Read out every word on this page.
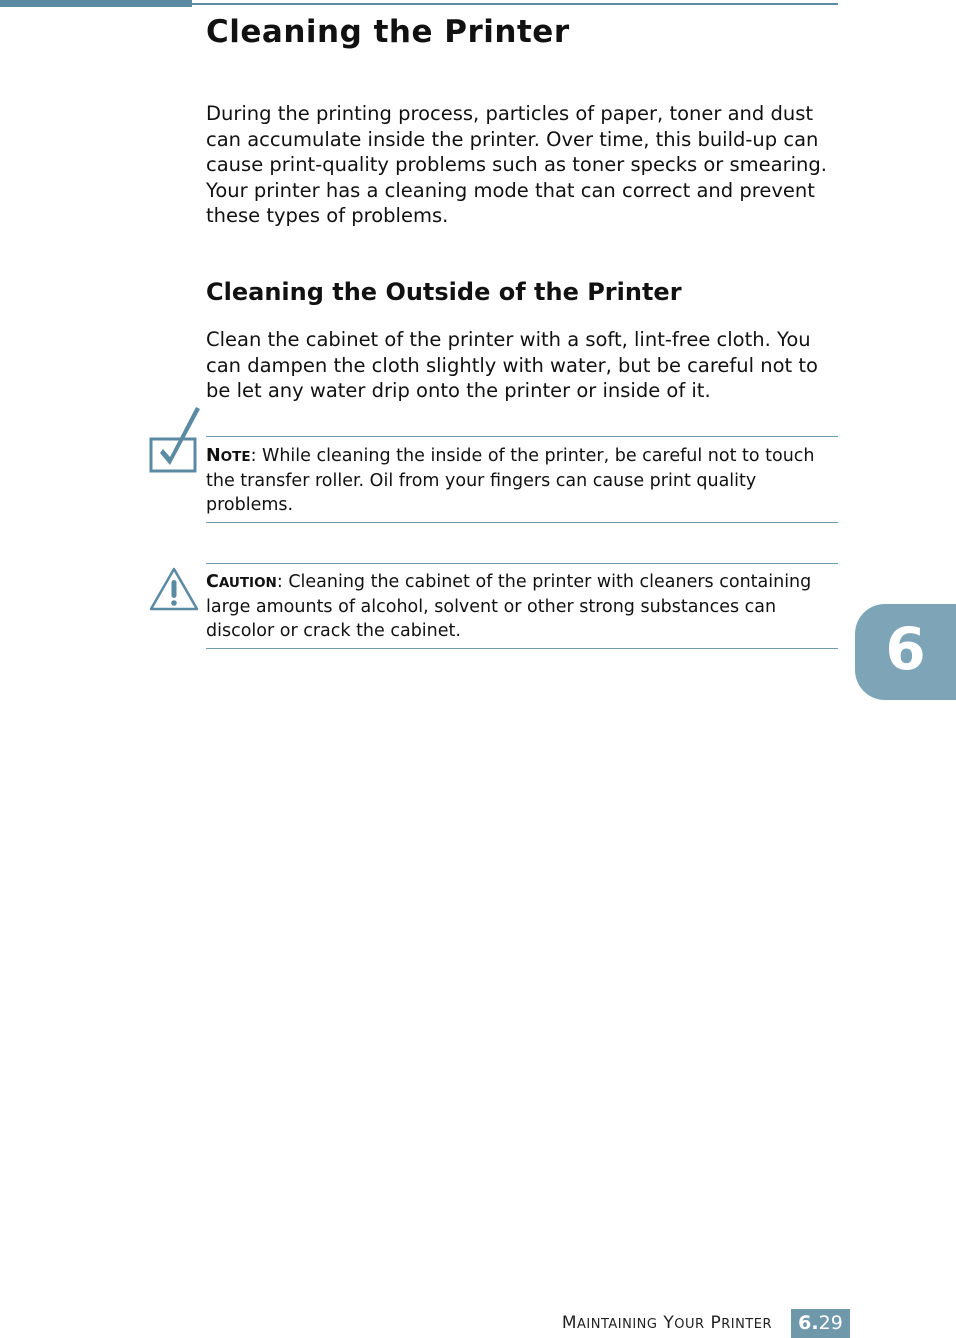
Cleaning the Printer

During the printing process, particles of paper, toner and dust can accumulate inside the printer. Over time, this build-up can cause print-quality problems such as toner specks or smearing. Your printer has a cleaning mode that can correct and prevent these types of problems.

Cleaning the Outside of the Printer

Clean the cabinet of the printer with a soft, lint-free cloth. You can dampen the cloth slightly with water, but be careful not to be let any water drip onto the printer or inside of it.

NOTE: While cleaning the inside of the printer, be careful not to touch the transfer roller. Oil from your fingers can cause print quality problems.

CAUTION: Cleaning the cabinet of the printer with cleaners containing large amounts of alcohol, solvent or other strong substances can discolor or crack the cabinet.	6
MAINTAINING YOUR PRINTER	6.29
